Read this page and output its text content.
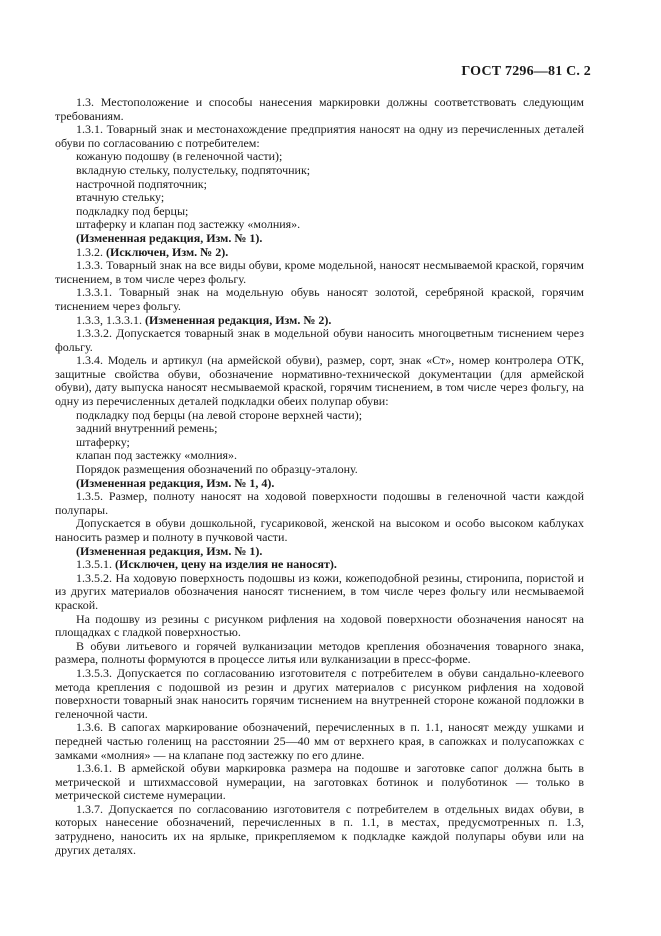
ГОСТ 7296—81 С. 2

1.3. Местоположение и способы нанесения маркировки должны соответствовать следующим требованиям.

1.3.1. Товарный знак и местонахождение предприятия наносят на одну из перечисленных деталей обуви по согласованию с потребителем:

кожаную подошву (в геленочной части);

вкладную стельку, полустельку, подпяточник;

настрочной подпяточник;

втачную стельку;

подкладку под берцы;

штаферку и клапан под застежку «молния».

(Измененная редакция, Изм. № 1).

1.3.2. (Исключен, Изм. № 2).

1.3.3. Товарный знак на все виды обуви, кроме модельной, наносят несмываемой краской, горячим тиснением, в том числе через фольгу.

1.3.3.1. Товарный знак на модельную обувь наносят золотой, серебряной краской, горячим тиснением через фольгу.

1.3.3, 1.3.3.1. (Измененная редакция, Изм. № 2).

1.3.3.2. Допускается товарный знак в модельной обуви наносить многоцветным тиснением через фольгу.

1.3.4. Модель и артикул (на армейской обуви), размер, сорт, знак «Ст», номер контролера ОТК, защитные свойства обуви, обозначение нормативно-технической документации (для армейской обуви), дату выпуска наносят несмываемой краской, горячим тиснением, в том числе через фольгу, на одну из перечисленных деталей подкладки обеих полупар обуви:

подкладку под берцы (на левой стороне верхней части);

задний внутренний ремень;

штаферку;

клапан под застежку «молния».

Порядок размещения обозначений по образцу-эталону.

(Измененная редакция, Изм. № 1, 4).

1.3.5. Размер, полноту наносят на ходовой поверхности подошвы в геленочной части каждой полупары.

Допускается в обуви дошкольной, гусариковой, женской на высоком и особо высоком каблуках наносить размер и полноту в пучковой части.

(Измененная редакция, Изм. № 1).

1.3.5.1. (Исключен, цену на изделия не наносят).

1.3.5.2. На ходовую поверхность подошвы из кожи, кожеподобной резины, стиронипа, пористой и из других материалов обозначения наносят тиснением, в том числе через фольгу или несмываемой краской.

На подошву из резины с рисунком рифления на ходовой поверхности обозначения наносят на площадках с гладкой поверхностью.

В обуви литьевого и горячей вулканизации методов крепления обозначения товарного знака, размера, полноты формуются в процессе литья или вулканизации в пресс-форме.

1.3.5.3. Допускается по согласованию изготовителя с потребителем в обуви сандально-клеевого метода крепления с подошвой из резин и других материалов с рисунком рифления на ходовой поверхности товарный знак наносить горячим тиснением на внутренней стороне кожаной подложки в геленочной части.

1.3.6. В сапогах маркирование обозначений, перечисленных в п. 1.1, наносят между ушками и передней частью голенищ на расстоянии 25—40 мм от верхнего края, в сапожках и полусапожках с замками «молния» — на клапане под застежку по его длине.

1.3.6.1. В армейской обуви маркировка размера на подошве и заготовке сапог должна быть в метрической и штихмассовой нумерации, на заготовках ботинок и полуботинок — только в метрической системе нумерации.

1.3.7. Допускается по согласованию изготовителя с потребителем в отдельных видах обуви, в которых нанесение обозначений, перечисленных в п. 1.1, в местах, предусмотренных п. 1.3, затруднено, наносить их на ярлыке, прикрепляемом к подкладке каждой полупары обуви или на других деталях.
